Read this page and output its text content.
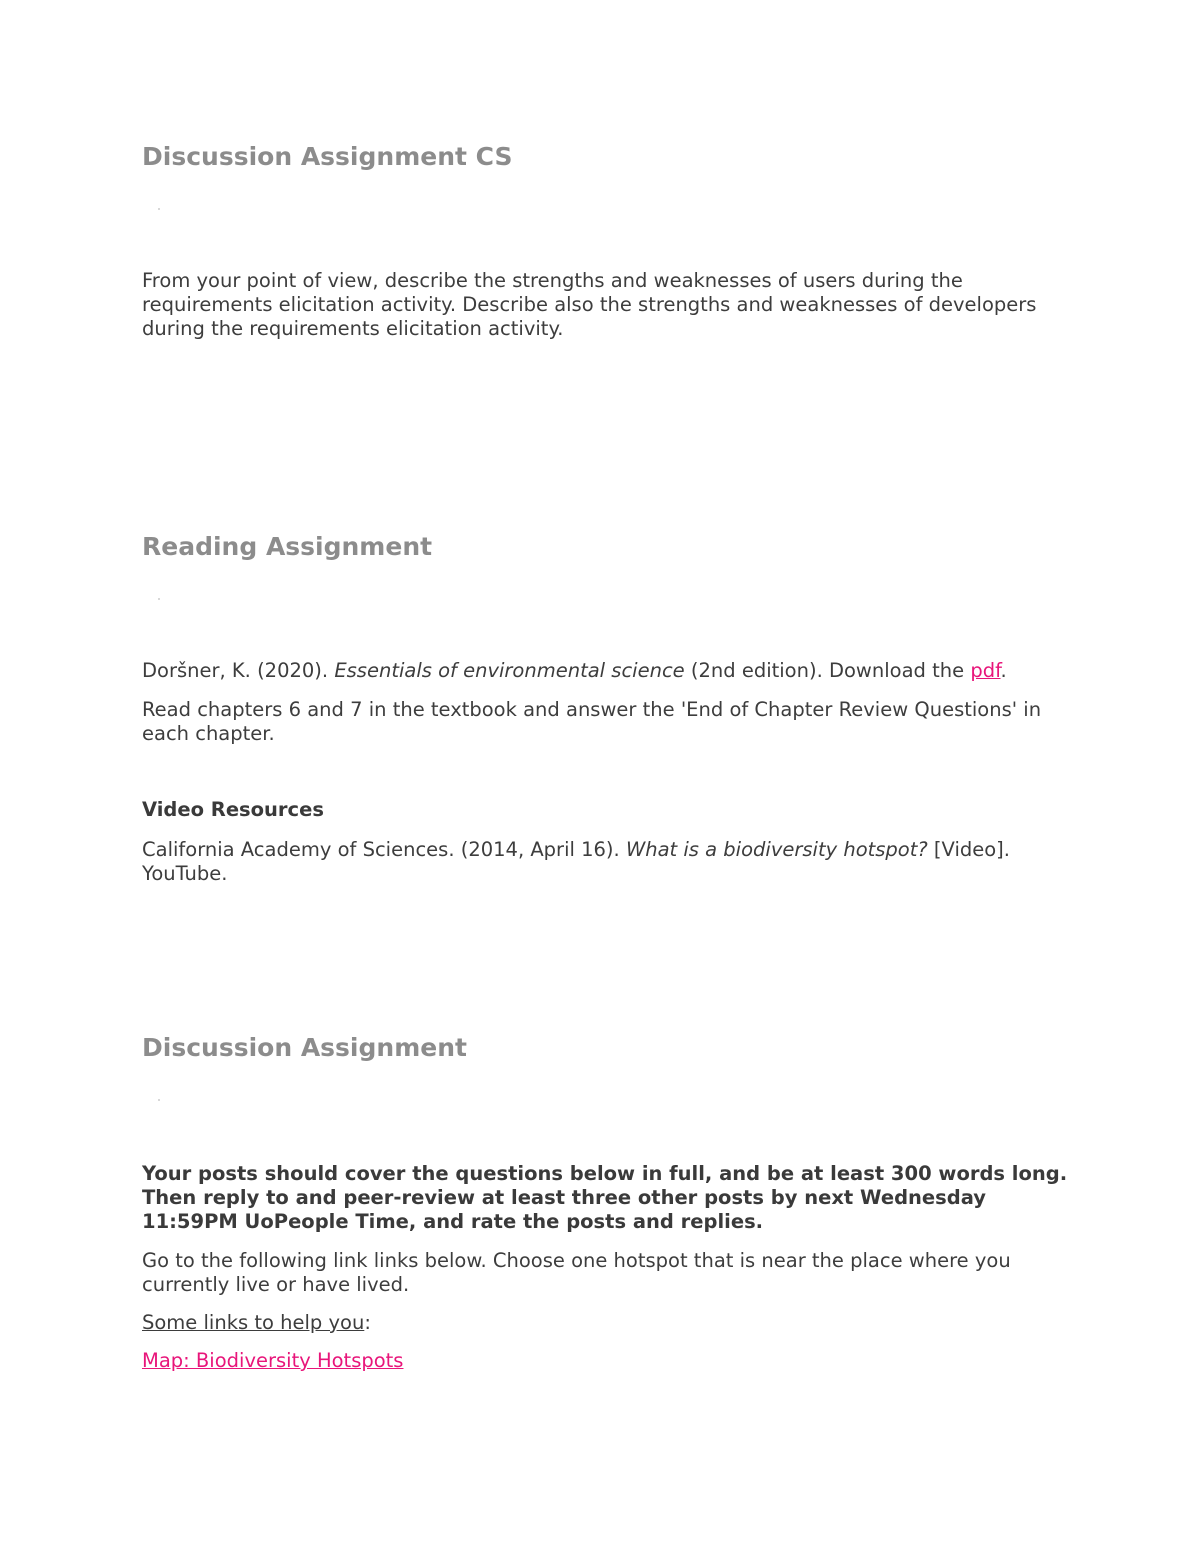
Discussion Assignment CS

From your point of view, describe the strengths and weaknesses of users during the requirements elicitation activity. Describe also the strengths and weaknesses of developers during the requirements elicitation activity.

Reading Assignment

Doršner, K. (2020). Essentials of environmental science (2nd edition). Download the pdf.

Read chapters 6 and 7 in the textbook and answer the 'End of Chapter Review Questions' in each chapter.

Video Resources

California Academy of Sciences. (2014, April 16). What is a biodiversity hotspot? [Video]. YouTube.

Discussion Assignment

Your posts should cover the questions below in full, and be at least 300 words long. Then reply to and peer-review at least three other posts by next Wednesday 11:59PM UoPeople Time, and rate the posts and replies.

Go to the following link links below. Choose one hotspot that is near the place where you currently live or have lived.

Some links to help you:

Map: Biodiversity Hotspots
